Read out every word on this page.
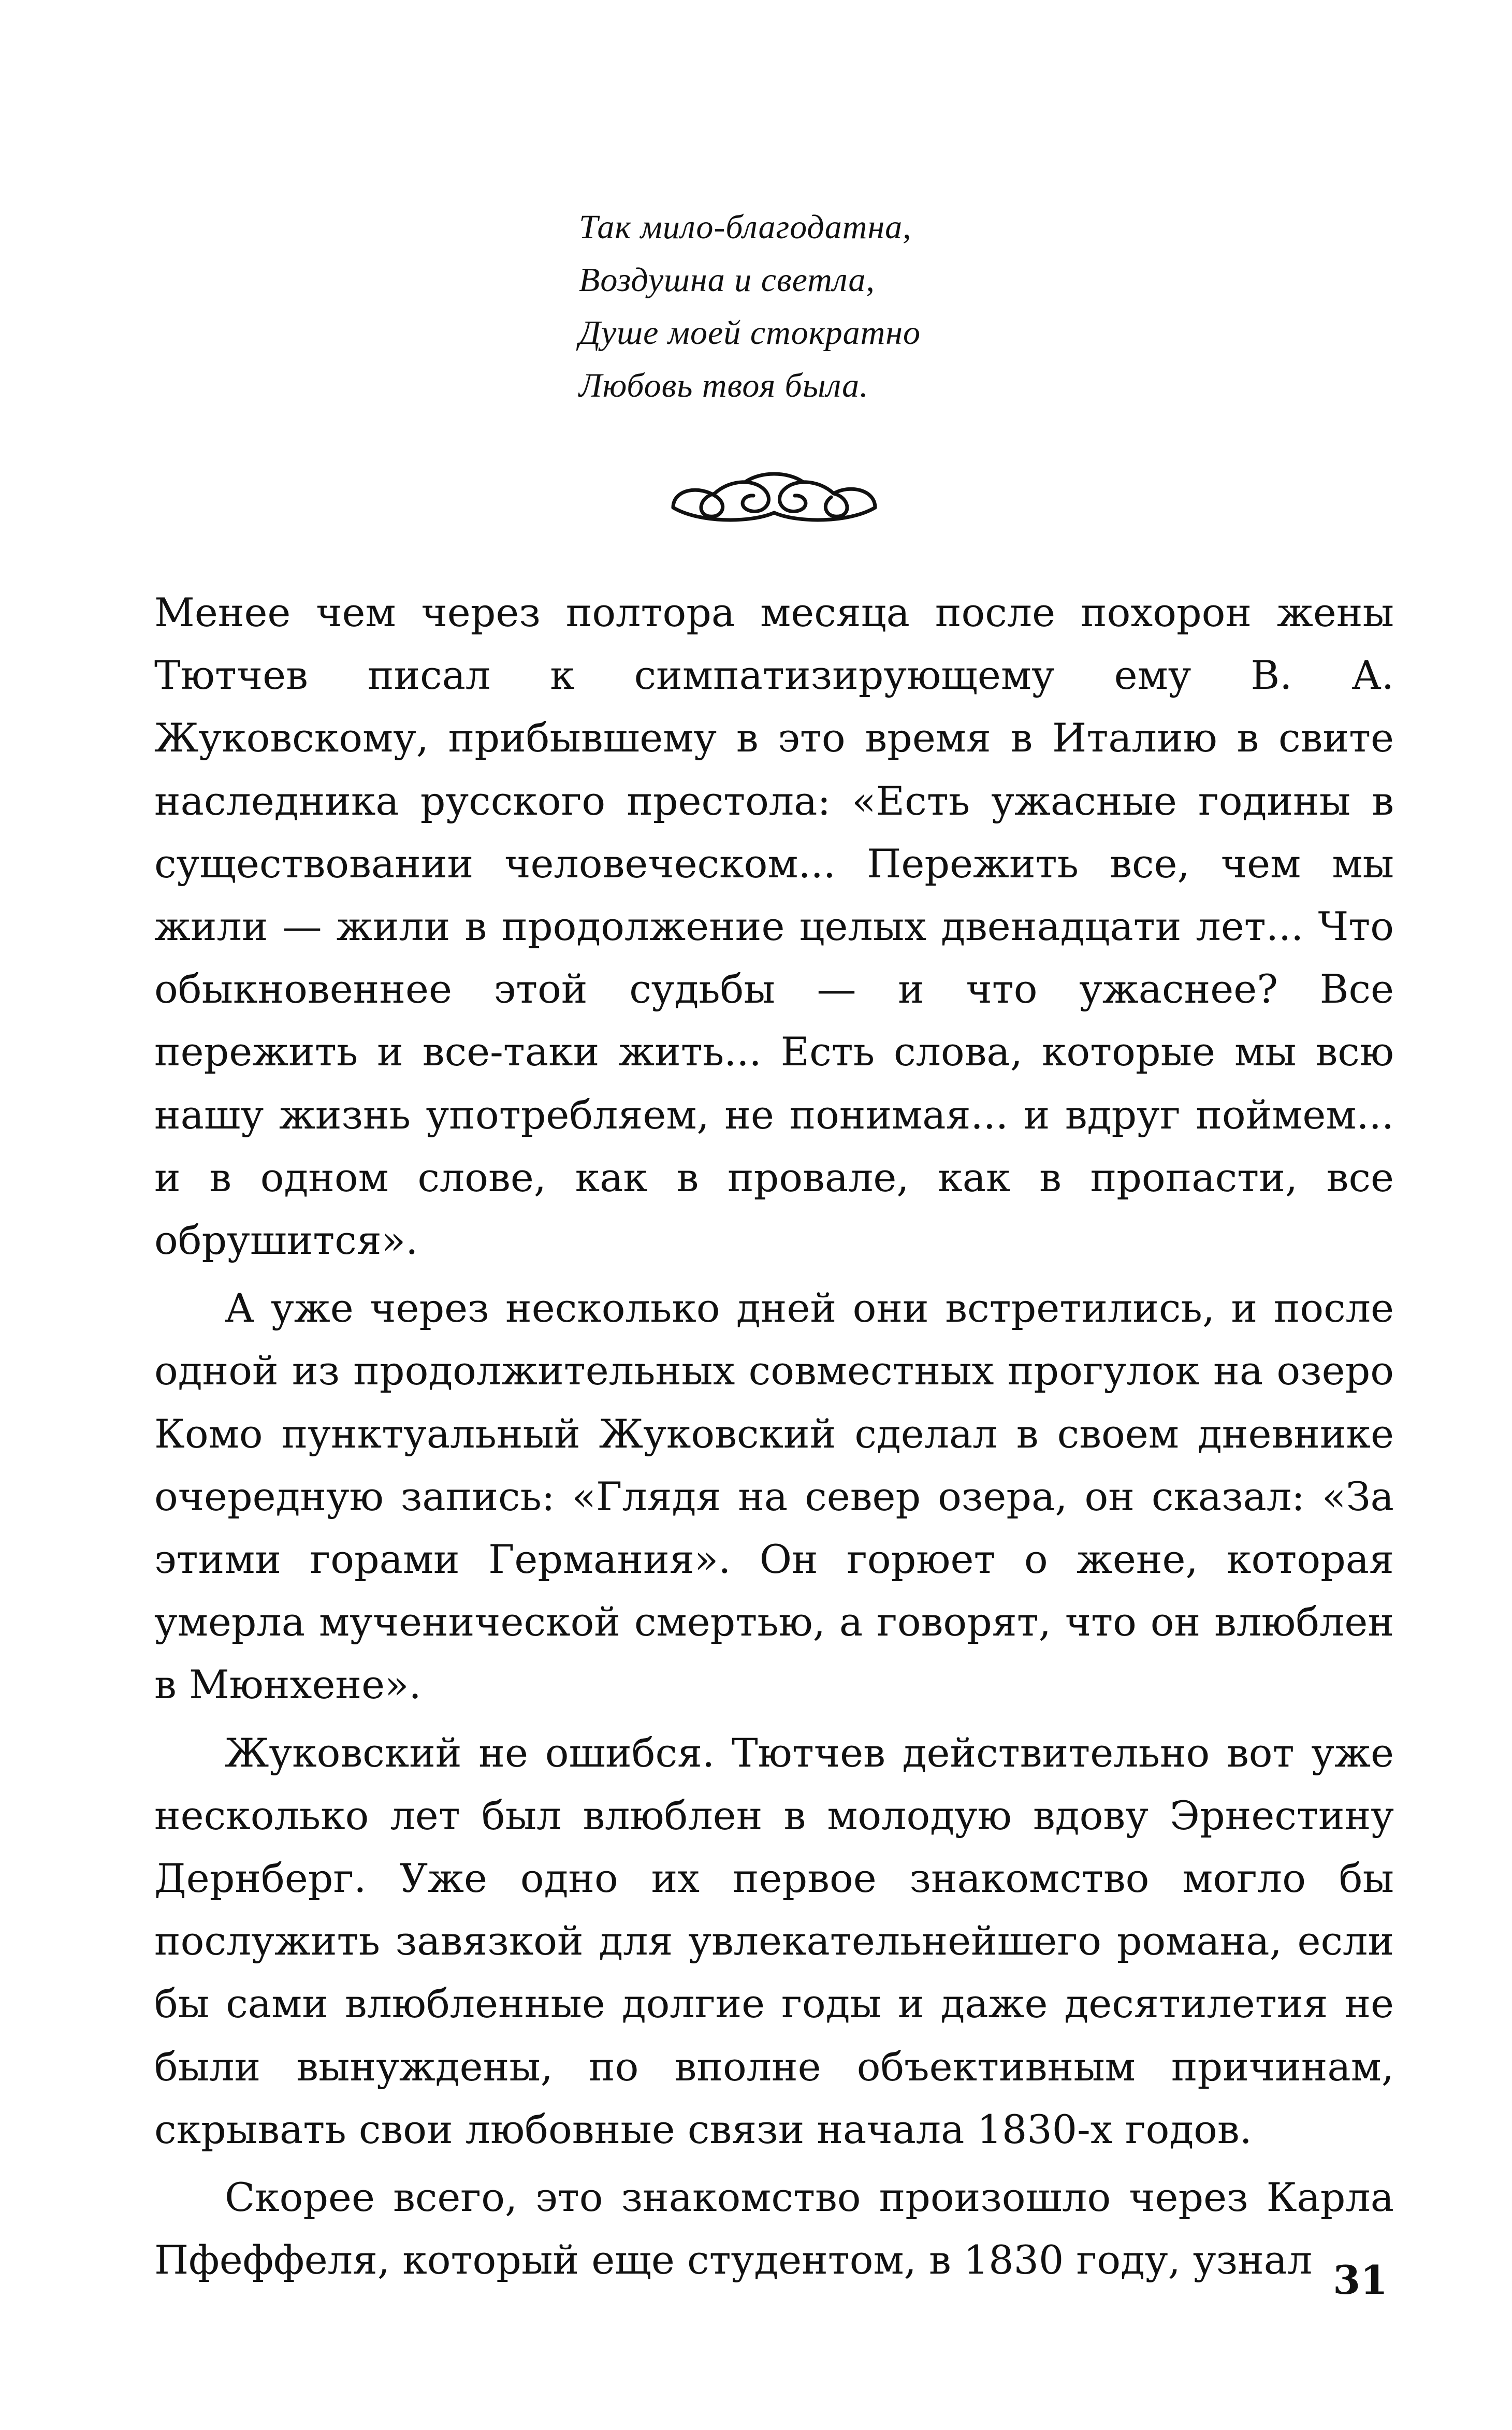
Так мило-благодатна,
Воздушна и светла,
Душе моей стократно
Любовь твоя была.

Менее чем через полтора месяца после похорон жены Тютчев писал к симпатизирующему ему В. А. Жуковскому, прибывшему в это время в Италию в свите наследника русского престола: «Есть ужасные годины в существовании человеческом... Пережить все, чем мы жили — жили в продолжение целых двенадцати лет... Что обыкновеннее этой судьбы — и что ужаснее? Все пережить и все-таки жить... Есть слова, которые мы всю нашу жизнь употребляем, не понимая... и вдруг поймем... и в одном слове, как в провале, как в пропасти, все обрушится».

А уже через несколько дней они встретились, и после одной из продолжительных совместных прогулок на озеро Комо пунктуальный Жуковский сделал в своем дневнике очередную запись: «Глядя на север озера, он сказал: «За этими горами Германия». Он горюет о жене, которая умерла мученической смертью, а говорят, что он влюблен в Мюнхене».

Жуковский не ошибся. Тютчев действительно вот уже несколько лет был влюблен в молодую вдову Эрнестину Дернберг. Уже одно их первое знакомство могло бы послужить завязкой для увлекательнейшего романа, если бы сами влюбленные долгие годы и даже десятилетия не были вынуждены, по вполне объективным причинам, скрывать свои любовные связи начала 1830-х годов.

Скорее всего, это знакомство произошло через Карла Пфеффеля, который еще студентом, в 1830 году, узнал 31
